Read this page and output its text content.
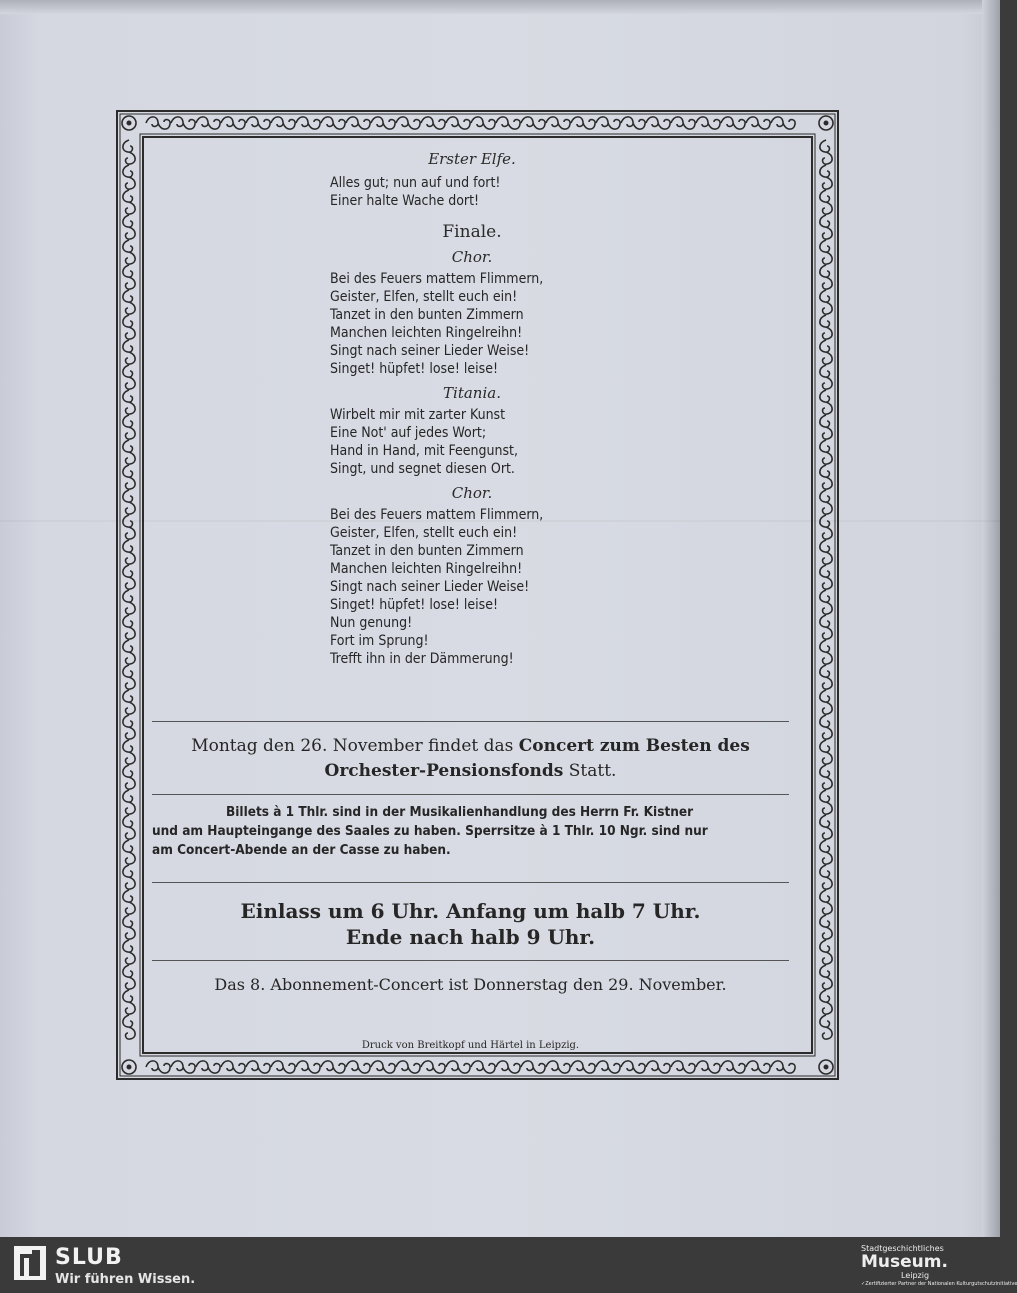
Erster Elfe.

Alles gut; nun auf und fort!
Einer halte Wache dort!

Finale.

Chor.

Bei des Feuers mattem Flimmern,
Geister, Elfen, stellt euch ein!
Tanzet in den bunten Zimmern
Manchen leichten Ringelreihn!
Singt nach seiner Lieder Weise!
Singet! hüpfet! lose! leise!

Titania.

Wirbelt mir mit zarter Kunst
Eine Not' auf jedes Wort;
Hand in Hand, mit Feengunst,
Singt, und segnet diesen Ort.

Chor.

Bei des Feuers mattem Flimmern,
Geister, Elfen, stellt euch ein!
Tanzet in den bunten Zimmern
Manchen leichten Ringelreihn!
Singt nach seiner Lieder Weise!
Singet! hüpfet! lose! leise!
Nun genung!
Fort im Sprung!
Trefft ihn in der Dämmerung!
Montag den 26. November findet das Concert zum Besten des
Orchester-Pensionsfonds Statt.
Billets à 1 Thlr. sind in der Musikalienhandlung des Herrn Fr. Kistner
und am Haupteingange des Saales zu haben. Sperrsitze à 1 Thlr. 10 Ngr. sind nur
am Concert-Abende an der Casse zu haben.
Einlass um 6 Uhr. Anfang um halb 7 Uhr.
Ende nach halb 9 Uhr.
Das 8. Abonnement-Concert ist Donnerstag den 29. November.
Druck von Breitkopf und Härtel in Leipzig.
SLUB
Wir führen Wissen.
Stadtgeschichtliches
Museum.
Leipzig
✓Zertifizierter Partner der Nationalen Kulturgutschutzinitiative
